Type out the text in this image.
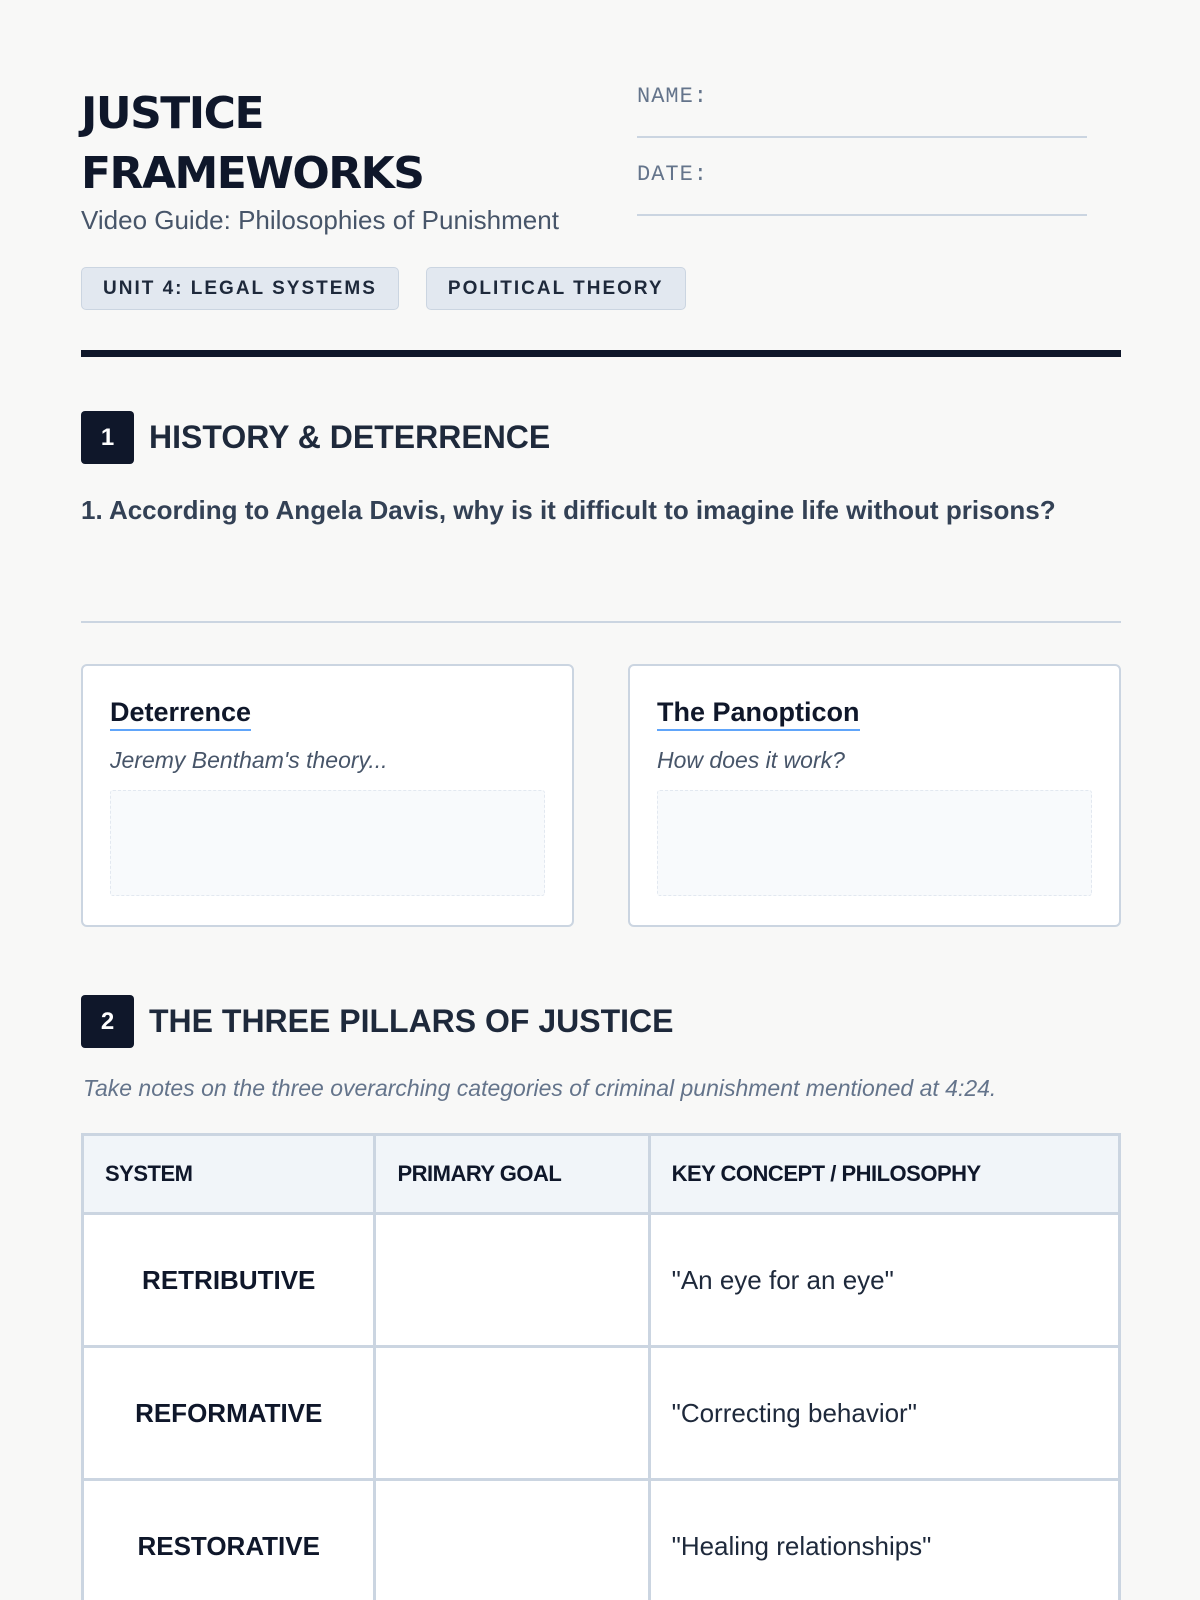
JUSTICE
FRAMEWORKS
Video Guide: Philosophies of Punishment
NAME:
DATE:
UNIT 4: LEGAL SYSTEMS	POLITICAL THEORY
1	HISTORY & DETERRENCE
1. According to Angela Davis, why is it difficult to imagine life without prisons?
Deterrence
Jeremy Bentham's theory...
The Panopticon
How does it work?
2	THE THREE PILLARS OF JUSTICE
Take notes on the three overarching categories of criminal punishment mentioned at 4:24.
SYSTEM	PRIMARY GOAL	KEY CONCEPT / PHILOSOPHY
RETRIBUTIVE		"An eye for an eye"
REFORMATIVE		"Correcting behavior"
RESTORATIVE		"Healing relationships"
